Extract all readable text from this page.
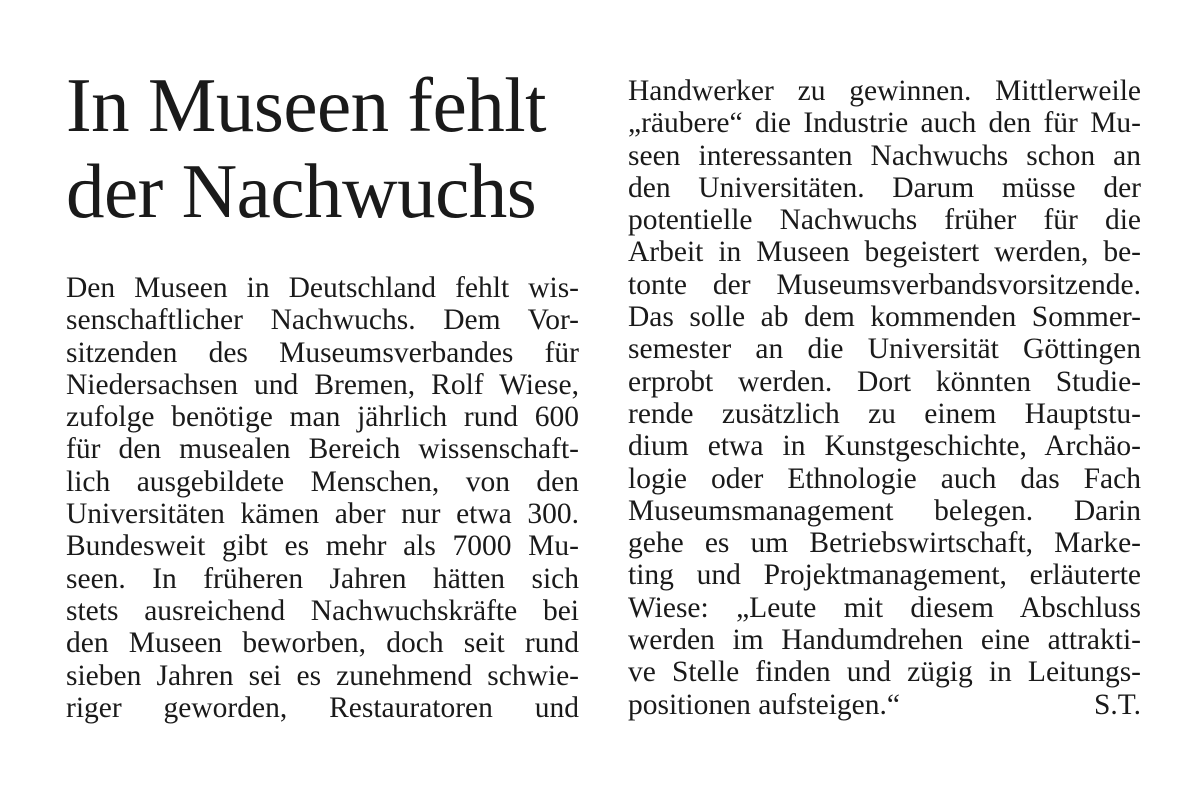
In Museen fehlt
der Nachwuchs
Den Museen in Deutschland fehlt wis-
senschaftlicher Nachwuchs. Dem Vor-
sitzenden des Museumsverbandes für
Niedersachsen und Bremen, Rolf Wiese,
zufolge benötige man jährlich rund 600
für den musealen Bereich wissenschaft-
lich ausgebildete Menschen, von den
Universitäten kämen aber nur etwa 300.
Bundesweit gibt es mehr als 7000 Mu-
seen. In früheren Jahren hätten sich
stets ausreichend Nachwuchskräfte bei
den Museen beworben, doch seit rund
sieben Jahren sei es zunehmend schwie-
riger geworden, Restauratoren und
Handwerker zu gewinnen. Mittlerweile
„räubere“ die Industrie auch den für Mu-
seen interessanten Nachwuchs schon an
den Universitäten. Darum müsse der
potentielle Nachwuchs früher für die
Arbeit in Museen begeistert werden, be-
tonte der Museumsverbandsvorsitzende.
Das solle ab dem kommenden Sommer-
semester an die Universität Göttingen
erprobt werden. Dort könnten Studie-
rende zusätzlich zu einem Hauptstu-
dium etwa in Kunstgeschichte, Archäo-
logie oder Ethnologie auch das Fach
Museumsmanagement belegen. Darin
gehe es um Betriebswirtschaft, Marke-
ting und Projektmanagement, erläuterte
Wiese: „Leute mit diesem Abschluss
werden im Handumdrehen eine attrakti-
ve Stelle finden und zügig in Leitungs-
positionen aufsteigen.“	S.T.
